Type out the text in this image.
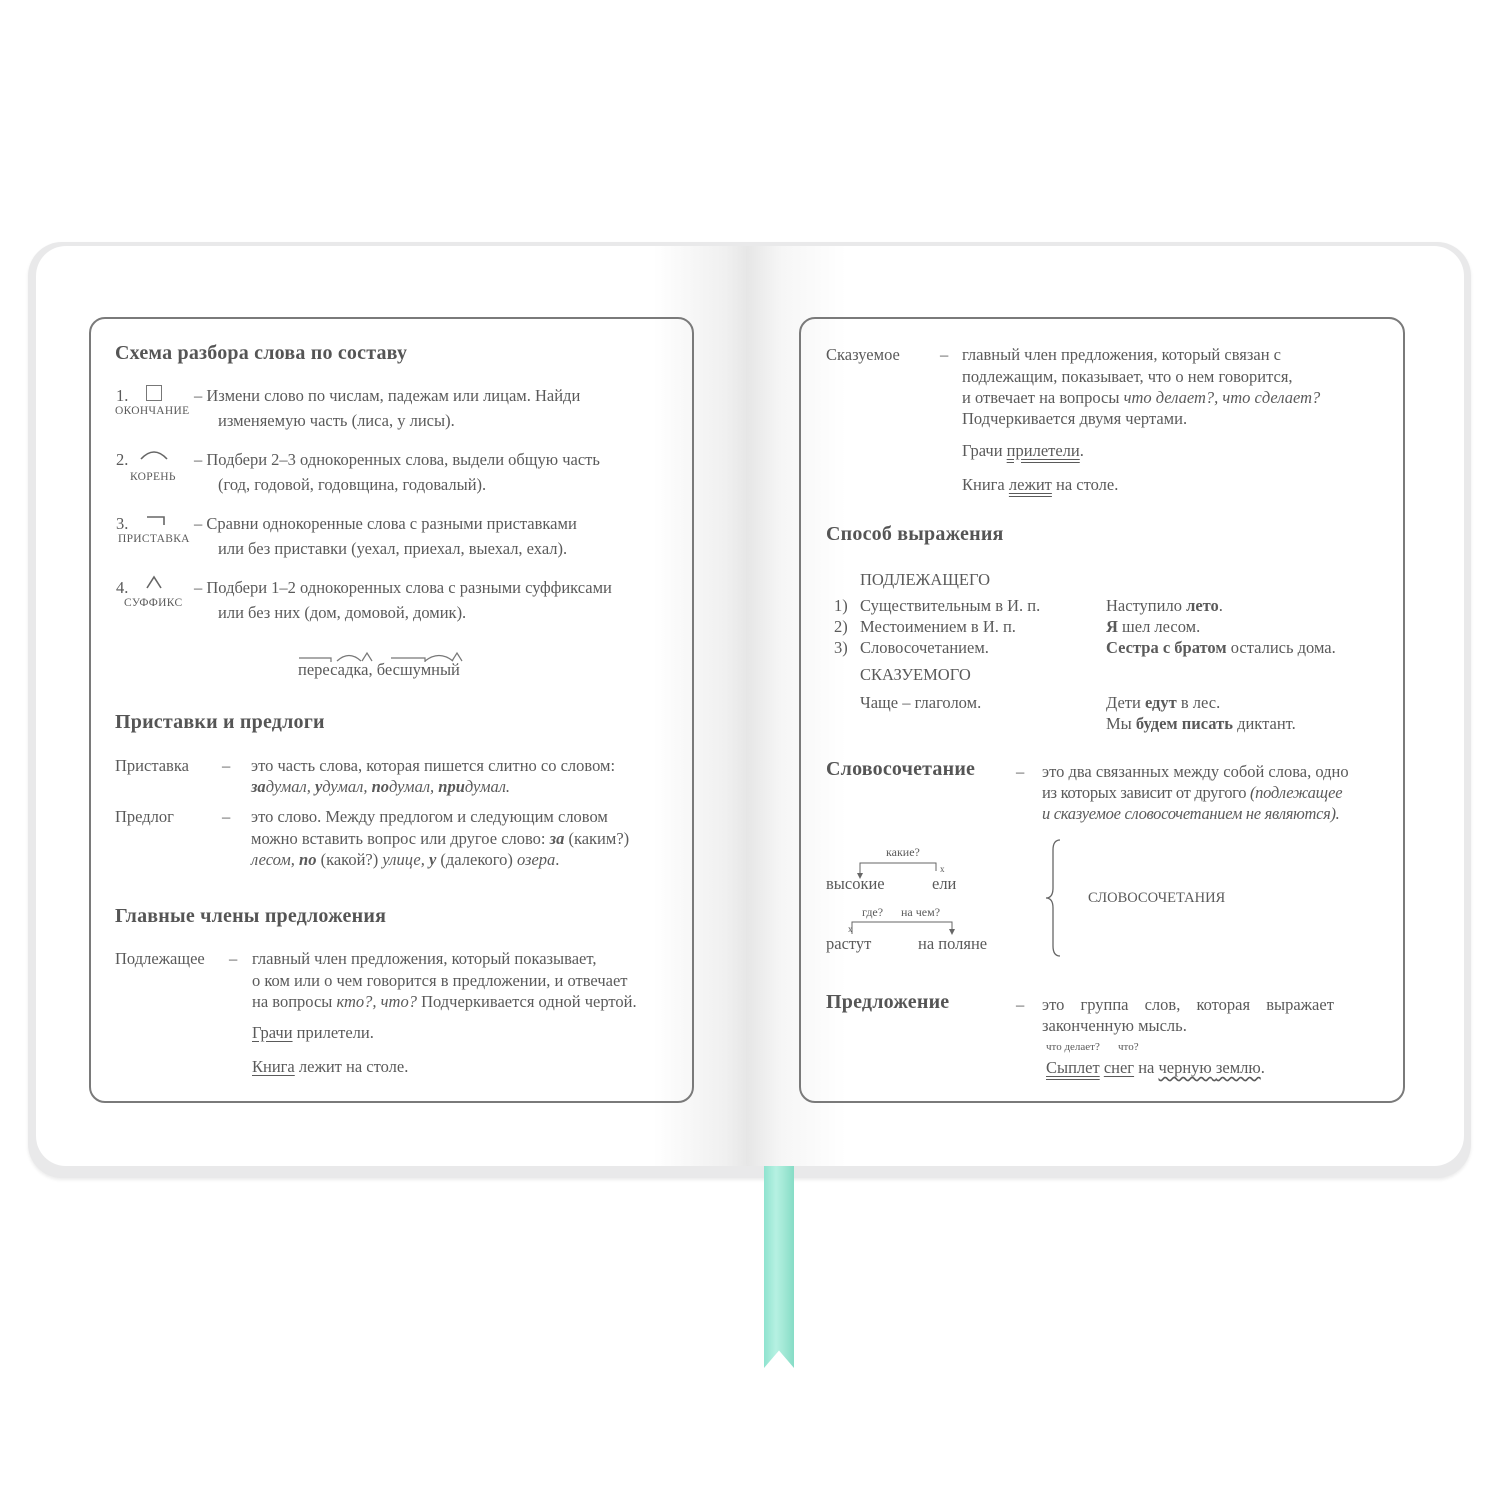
Схема разбора слова по составу
1.
ОКОНЧАНИЕ
– Измени слово по числам, падежам или лицам. Найди
изменяемую часть (лиса, у лисы).
2.
КОРЕНЬ
– Подбери 2–3 однокоренных слова, выдели общую часть
(год, годовой, годовщина, годовалый).
3.
ПРИСТАВКА
– Сравни однокоренные слова с разными приставками
или без приставки (уехал, приехал, выехал, ехал).
4.
СУФФИКС
– Подбери 1–2 однокоренных слова с разными суффиксами
или без них (дом, домовой, домик).
пересадка, бесшумный
Приставки и предлоги
Приставка – это часть слова, которая пишется слитно со словом:
задумал, удумал, подумал, придумал.
Предлог	– это слово. Между предлогом и следующим словом
можно вставить вопрос или другое слово: за (каким?)
лесом, по (какой?) улице, у (далекого) озера.
Главные члены предложения
Подлежащее – главный член предложения, который показывает,
о ком или о чем говорится в предложении, и отвечает
на вопросы кто?, что? Подчеркивается одной чертой.
Грачи прилетели.
Книга лежит на столе.
Сказуемое – главный член предложения, который связан с
подлежащим, показывает, что о нем говорится,
и отвечает на вопросы что делает?, что сделает?
Подчеркивается двумя чертами.
Грачи прилетели.
Книга лежит на столе.
Способ выражения
ПОДЛЕЖАЩЕГО
1) Существительным в И. п.	Наступило лето.
2) Местоимением в И. п.	Я шел лесом.
3) Словосочетанием.	Сестра с братом остались дома.
СКАЗУЕМОГО
Чаще – глаголом.	Дети едут в лес.
Мы будем писать диктант.
Словосочетание – это два связанных между собой слова, одно
из которых зависит от другого (подлежащее
и сказуемое словосочетанием не являются).
какие?
x
высокие	ели
где? на чем?
x
растут	на поляне
СЛОВОСОЧЕТАНИЯ
Предложение	– это группа слов, которая выражает
законченную мысль.
что делает? что?
Сыплет снег на черную землю.
